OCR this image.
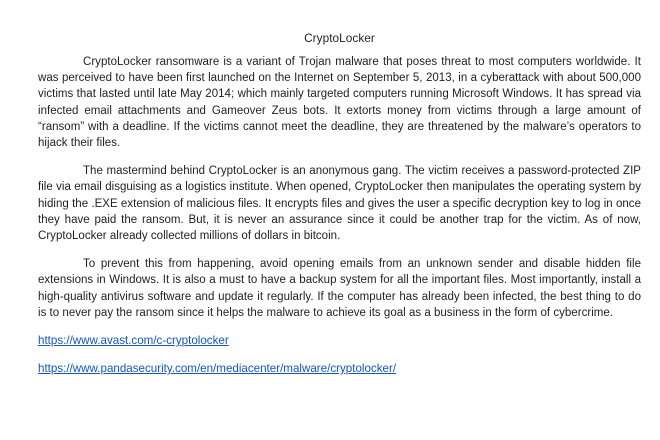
CryptoLocker

CryptoLocker ransomware is a variant of Trojan malware that poses threat to most computers worldwide. It was perceived to have been first launched on the Internet on September 5, 2013, in a cyberattack with about 500,000 victims that lasted until late May 2014; which mainly targeted computers running Microsoft Windows. It has spread via infected email attachments and Gameover Zeus bots. It extorts money from victims through a large amount of “ransom” with a deadline. If the victims cannot meet the deadline, they are threatened by the malware’s operators to hijack their files.

The mastermind behind CryptoLocker is an anonymous gang. The victim receives a password-protected ZIP file via email disguising as a logistics institute. When opened, CryptoLocker then manipulates the operating system by hiding the .EXE extension of malicious files. It encrypts files and gives the user a specific decryption key to log in once they have paid the ransom. But, it is never an assurance since it could be another trap for the victim. As of now, CryptoLocker already collected millions of dollars in bitcoin.

To prevent this from happening, avoid opening emails from an unknown sender and disable hidden file extensions in Windows. It is also a must to have a backup system for all the important files. Most importantly, install a high-quality antivirus software and update it regularly. If the computer has already been infected, the best thing to do is to never pay the ransom since it helps the malware to achieve its goal as a business in the form of cybercrime.

https://www.avast.com/c-cryptolocker
https://www.pandasecurity.com/en/mediacenter/malware/cryptolocker/
